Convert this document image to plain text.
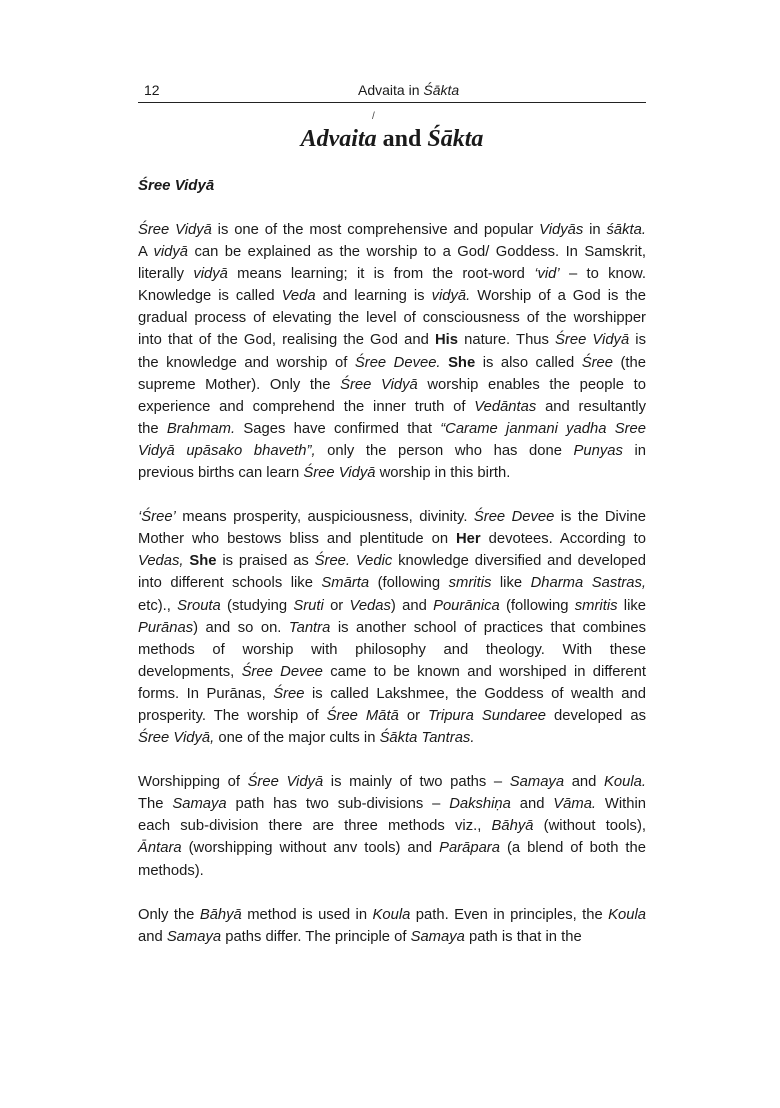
12	Advaita in Śākta
/
Advaita and Śākta
Śree Vidyā
Śree Vidyā is one of the most comprehensive and popular Vidyās in śākta.
A vidyā can be explained as the worship to a God/ Goddess. In Samskrit,
literally vidyā means learning; it is from the root-word ‘vid’ – to know.
Knowledge is called Veda and learning is vidyā. Worship of a God is the
gradual process of elevating the level of consciousness of the worshipper
into that of the God, realising the God and His nature. Thus Śree Vidyā is
the knowledge and worship of Śree Devee. She is also called Śree (the
supreme Mother). Only the Śree Vidyā worship enables the people to
experience and comprehend the inner truth of Vedāntas and resultantly
the Brahmam. Sages have confirmed that “Carame janmani yadha Sree
Vidyā upāsako bhaveth”, only the person who has done Punyas in
previous births can learn Śree Vidyā worship in this birth.
‘Śree’ means prosperity, auspiciousness, divinity. Śree Devee is the Divine
Mother who bestows bliss and plentitude on Her devotees. According to
Vedas, She is praised as Śree. Vedic knowledge diversified and developed
into different schools like Smārta (following smritis like Dharma Sastras,
etc)., Srouta (studying Sruti or Vedas) and Pourānica (following smritis like
Purānas) and so on. Tantra is another school of practices that combines
methods of worship with philosophy and theology. With these
developments, Śree Devee came to be known and worshiped in different
forms. In Purānas, Śree is called Lakshmee, the Goddess of wealth and
prosperity. The worship of Śree Mātā or Tripura Sundaree developed as
Śree Vidyā, one of the major cults in Śākta Tantras.
Worshipping of Śree Vidyā is mainly of two paths – Samaya and Koula.
The Samaya path has two sub-divisions – Dakshiṇa and Vāma. Within
each sub-division there are three methods viz., Bāhyā (without tools),
Āntara (worshipping without anv tools) and Parāpara (a blend of both the
methods).
Only the Bāhyā method is used in Koula path. Even in principles, the Koula
and Samaya paths differ. The principle of Samaya path is that in the
